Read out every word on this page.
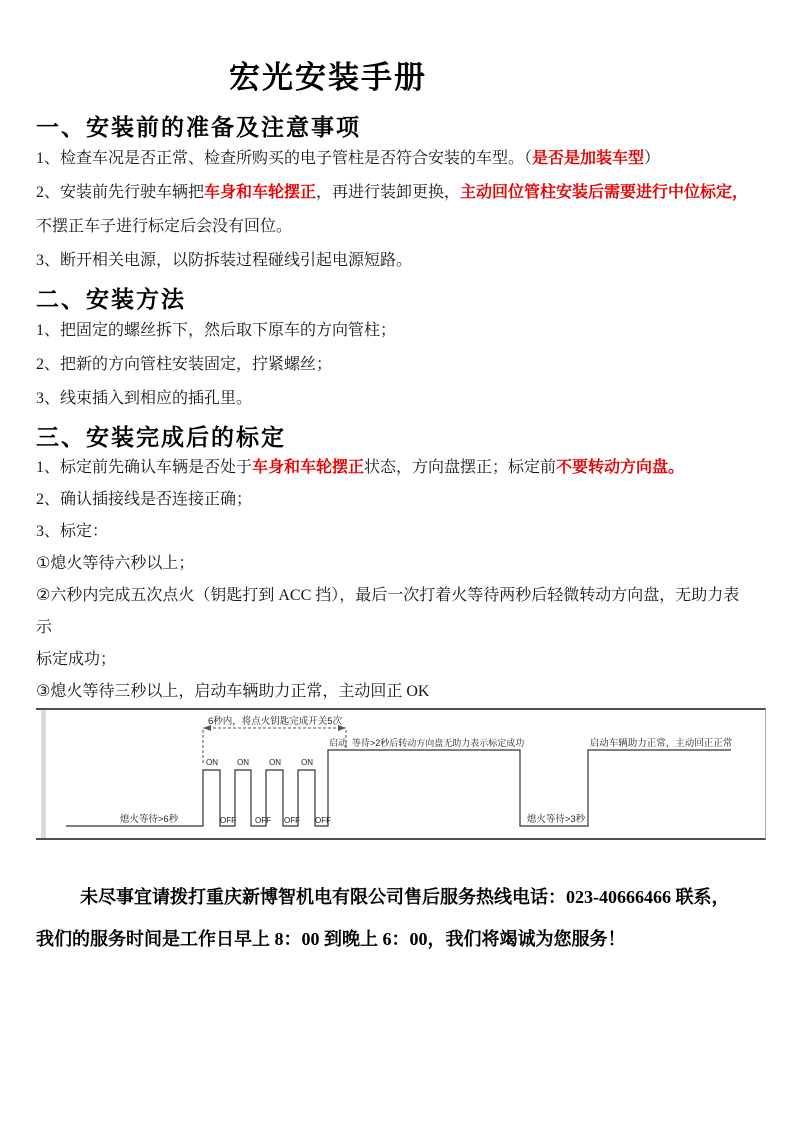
宏光安装手册
一、安装前的准备及注意事项

1、检查车况是否正常、检查所购买的电子管柱是否符合安装的车型。（是否是加装车型）

2、安装前先行驶车辆把车身和车轮摆正，再进行装卸更换，主动回位管柱安装后需要进行中位标定，

不摆正车子进行标定后会没有回位。

3、断开相关电源，以防拆装过程碰线引起电源短路。

二、安装方法

1、把固定的螺丝拆下，然后取下原车的方向管柱；

2、把新的方向管柱安装固定，拧紧螺丝；

3、线束插入到相应的插孔里。

三、安装完成后的标定

1、标定前先确认车辆是否处于车身和车轮摆正状态，方向盘摆正；标定前不要转动方向盘。

2、确认插接线是否连接正确；

3、标定：

①熄火等待六秒以上；

②六秒内完成五次点火（钥匙打到 ACC 挡），最后一次打着火等待两秒后轻微转动方向盘，无助力表

示

标定成功；

③熄火等待三秒以上，启动车辆助力正常，主动回正 OK

6秒内，将点火钥匙完成开关5次
熄火等待>6秒
ON ON	ON	ON
OFF OFF OFF OFF
启动 等待>2秒后转动方向盘无助力表示标定成功
熄火等待>3秒
启动车辆助力正常，主动回正正常

未尽事宜请拨打重庆新博智机电有限公司售后服务热线电话：023-40666466 联系，

我们的服务时间是工作日早上 8：00 到晚上 6：00，我们将竭诚为您服务！
